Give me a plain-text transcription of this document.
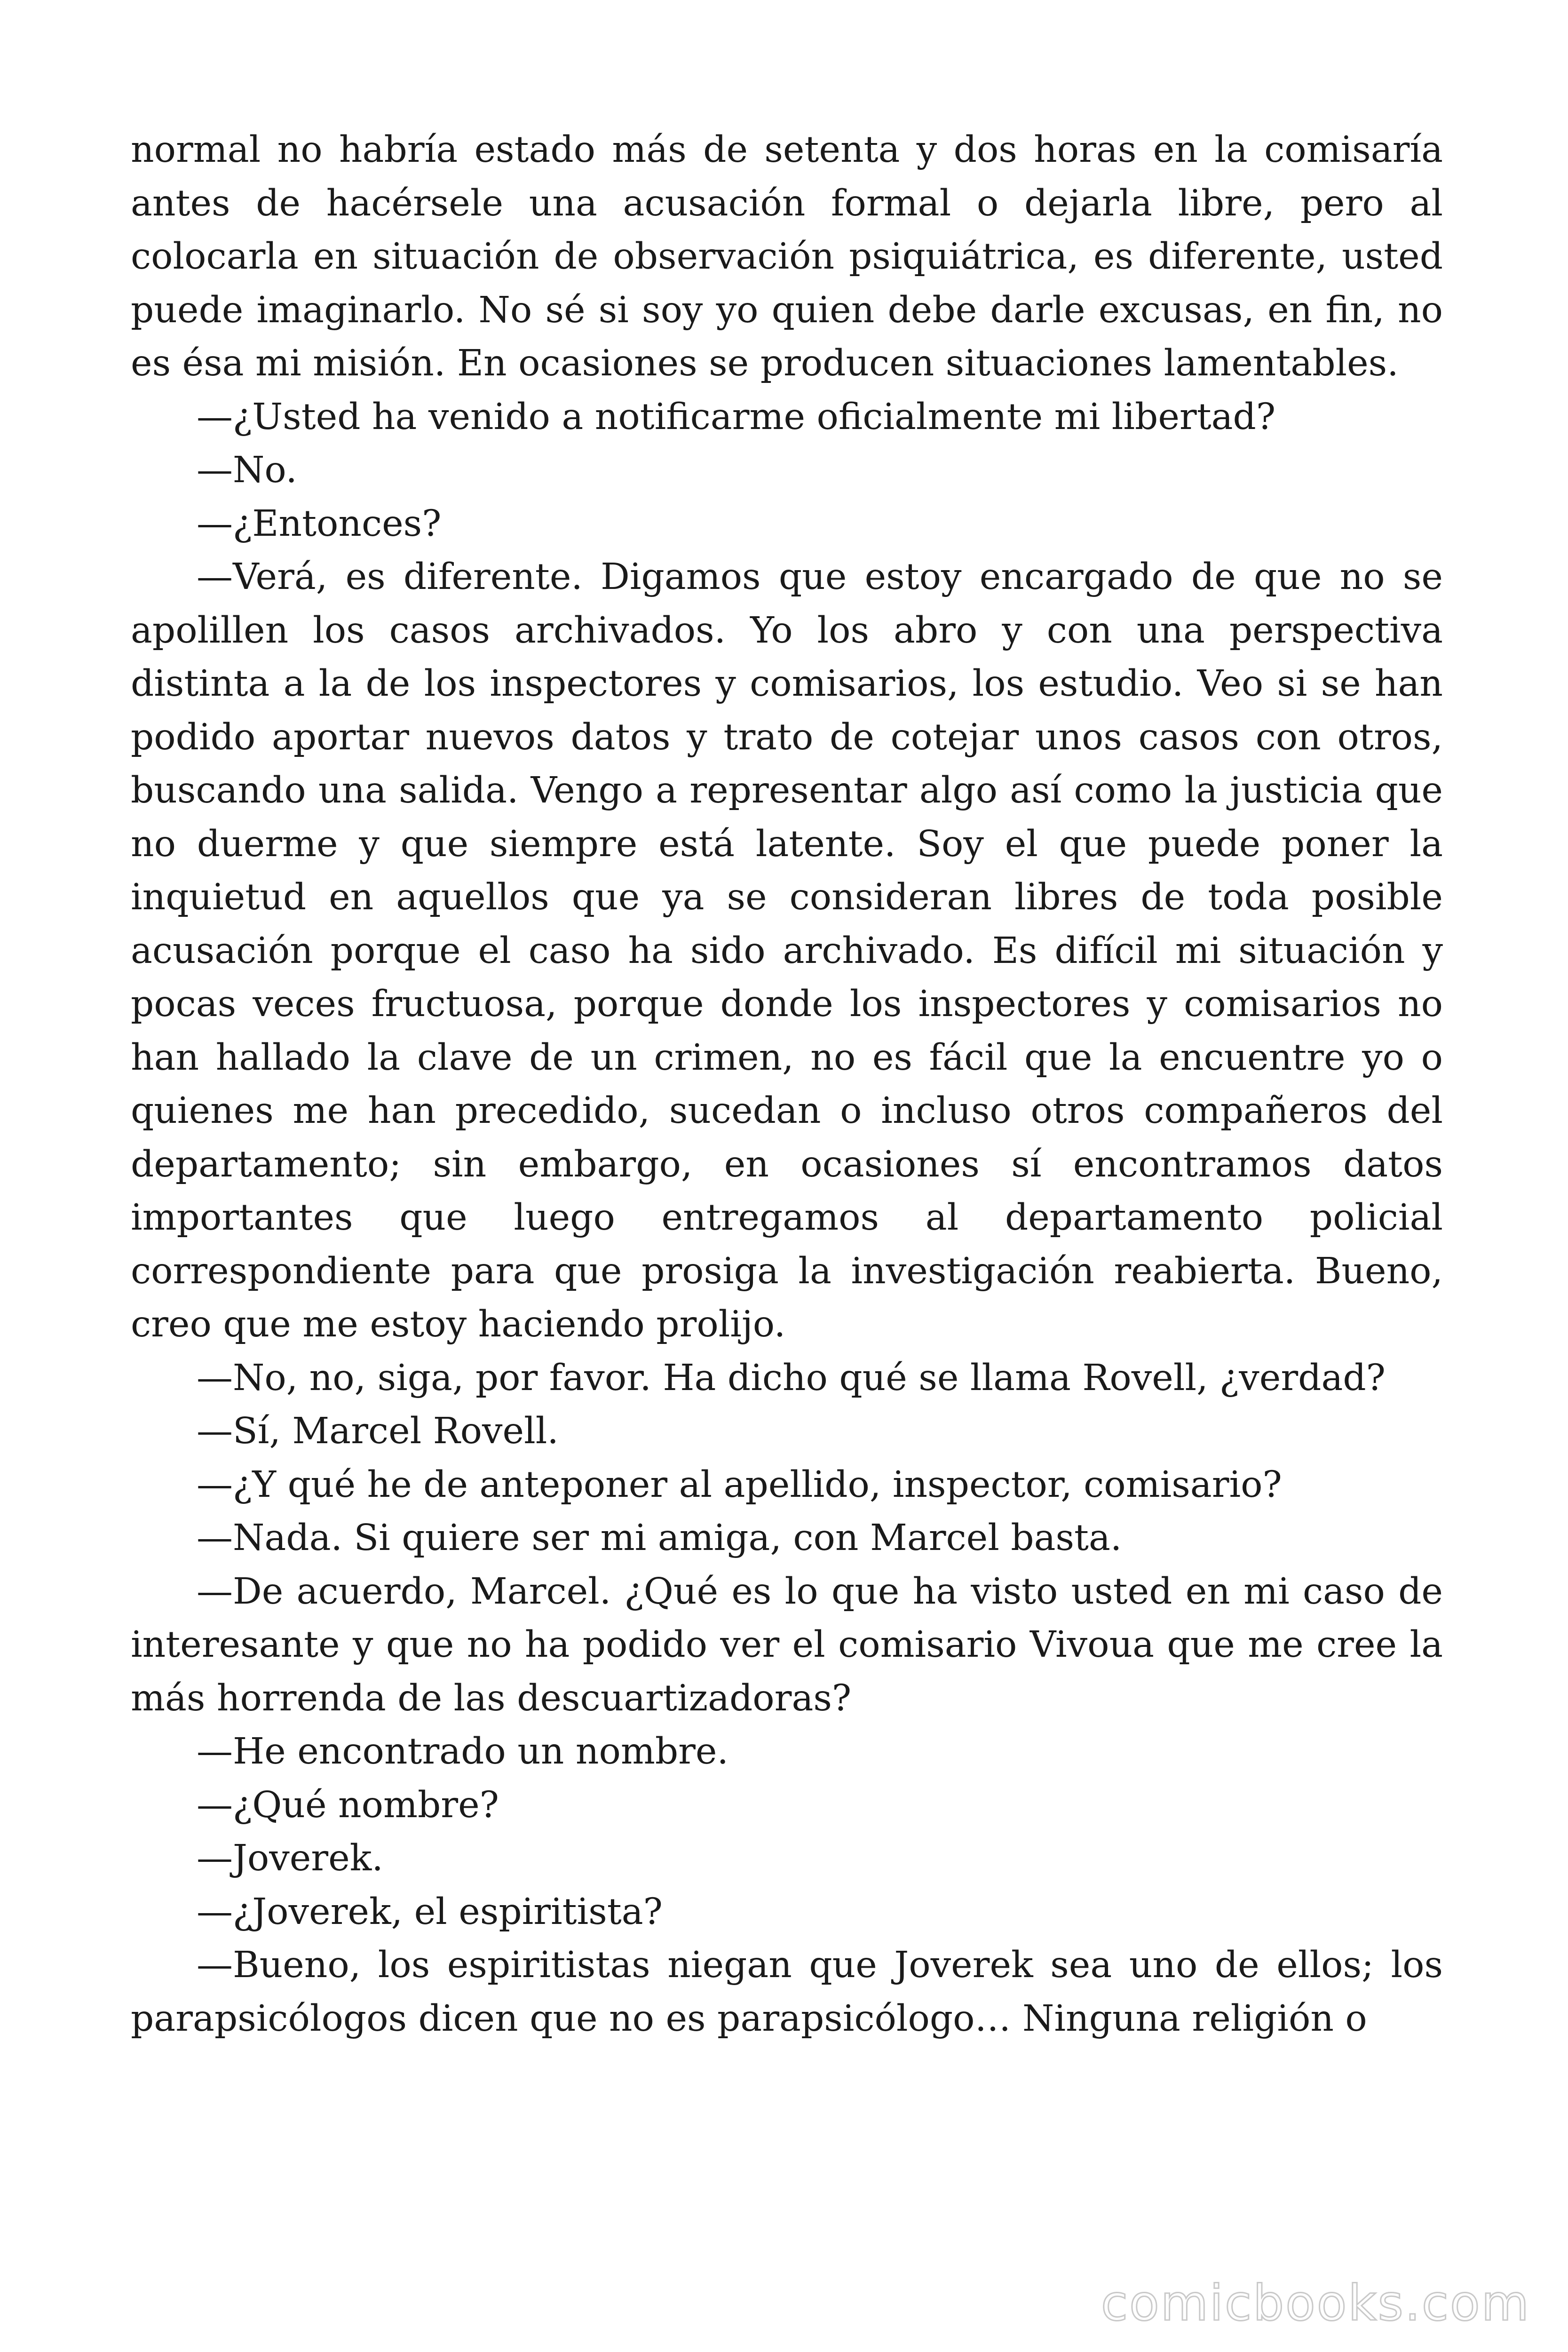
normal no habría estado más de setenta y dos horas en la comisaría antes de hacérsele una acusación formal o dejarla libre, pero al colocarla en situación de observación psiquiátrica, es diferente, usted puede imaginarlo. No sé si soy yo quien debe darle excusas, en fin, no es ésa mi misión. En ocasiones se producen situaciones lamentables.

—¿Usted ha venido a notificarme oficialmente mi libertad?

—No.

—¿Entonces?

—Verá, es diferente. Digamos que estoy encargado de que no se apolillen los casos archivados. Yo los abro y con una perspectiva distinta a la de los inspectores y comisarios, los estudio. Veo si se han podido aportar nuevos datos y trato de cotejar unos casos con otros, buscando una salida. Vengo a representar algo así como la justicia que no duerme y que siempre está latente. Soy el que puede poner la inquietud en aquellos que ya se consideran libres de toda posible acusación porque el caso ha sido archivado. Es difícil mi situación y pocas veces fructuosa, porque donde los inspectores y comisarios no han hallado la clave de un crimen, no es fácil que la encuentre yo o quienes me han precedido, sucedan o incluso otros compañeros del departamento; sin embargo, en ocasiones sí encontramos datos importantes que luego entregamos al departamento policial correspondiente para que prosiga la investigación reabierta. Bueno, creo que me estoy haciendo prolijo.

—No, no, siga, por favor. Ha dicho qué se llama Rovell, ¿verdad?

—Sí, Marcel Rovell.

—¿Y qué he de anteponer al apellido, inspector, comisario?

—Nada. Si quiere ser mi amiga, con Marcel basta.

—De acuerdo, Marcel. ¿Qué es lo que ha visto usted en mi caso de interesante y que no ha podido ver el comisario Vivoua que me cree la más horrenda de las descuartizadoras?

—He encontrado un nombre.

—¿Qué nombre?

—Joverek.

—¿Joverek, el espiritista?

—Bueno, los espiritistas niegan que Joverek sea uno de ellos; los parapsicólogos dicen que no es parapsicólogo… Ninguna religión o

comicbooks.com
